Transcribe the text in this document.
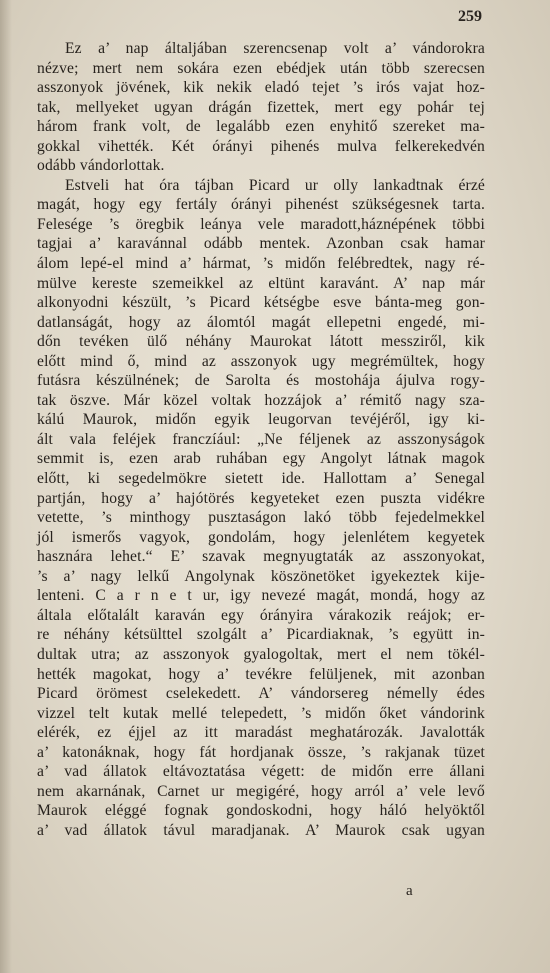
259
Ez a’ nap általjában szerencsenap volt a’ vándorokra
nézve; mert nem sokára ezen ebédjek után több szerecsen
asszonyok jövének, kik nekik eladó tejet ’s irós vajat hoz-
tak, mellyeket ugyan drágán fizettek, mert egy pohár tej
három frank volt, de legalább ezen enyhitő szereket ma-
gokkal vihették. Két órányi pihenés mulva felkerekedvén
odább vándorlottak.
Estveli hat óra tájban Picard ur olly lankadtnak érzé
magát, hogy egy fertály órányi pihenést szükségesnek tarta.
Felesége ’s öregbik leánya vele maradott,háznépének többi
tagjai a’ karavánnal odább mentek. Azonban csak hamar
álom lepé-el mind a’ hármat, ’s midőn felébredtek, nagy ré-
mülve kereste szemeikkel az eltünt karavánt. A’ nap már
alkonyodni készült, ’s Picard kétségbe esve bánta-meg gon-
datlanságát, hogy az álomtól magát ellepetni engedé, mi-
dőn tevéken ülő néhány Maurokat látott messziről, kik
előtt mind ő, mind az asszonyok ugy megrémültek, hogy
futásra készülnének; de Sarolta és mostohája ájulva rogy-
tak öszve. Már közel voltak hozzájok a’ rémitő nagy sza-
kálú Maurok, midőn egyik leugorvan tevéjéről, igy ki-
ált vala feléjek franczíául: „Ne féljenek az asszonyságok
semmit is, ezen arab ruhában egy Angolyt látnak magok
előtt, ki segedelmökre sietett ide. Hallottam a’ Senegal
partján, hogy a’ hajótörés kegyeteket ezen puszta vidékre
vetette, ’s minthogy pusztaságon lakó több fejedelmekkel
jól ismerős vagyok, gondolám, hogy jelenlétem kegyetek
hasznára lehet.“ E’ szavak megnyugtaták az asszonyokat,
’s a’ nagy lelkű Angolynak köszönetöket igyekeztek kije-
lenteni. C a r n e t ur, igy nevezé magát, mondá, hogy az
általa előtalált karaván egy órányira várakozik reájok; er-
re néhány kétsülttel szolgált a’ Picardiaknak, ’s együtt in-
dultak utra; az asszonyok gyalogoltak, mert el nem tökél-
hették magokat, hogy a’ tevékre felüljenek, mit azonban
Picard örömest cselekedett. A’ vándorsereg némelly édes
vizzel telt kutak mellé telepedett, ’s midőn őket vándorink
elérék, ez éjjel az itt maradást meghatározák. Javalották
a’ katonáknak, hogy fát hordjanak össze, ’s rakjanak tüzet
a’ vad állatok eltávoztatása végett: de midőn erre állani
nem akarnának, Carnet ur megigéré, hogy arról a’ vele levő
Maurok eléggé fognak gondoskodni, hogy háló helyöktől
a’ vad állatok távul maradjanak. A’ Maurok csak ugyan
a
